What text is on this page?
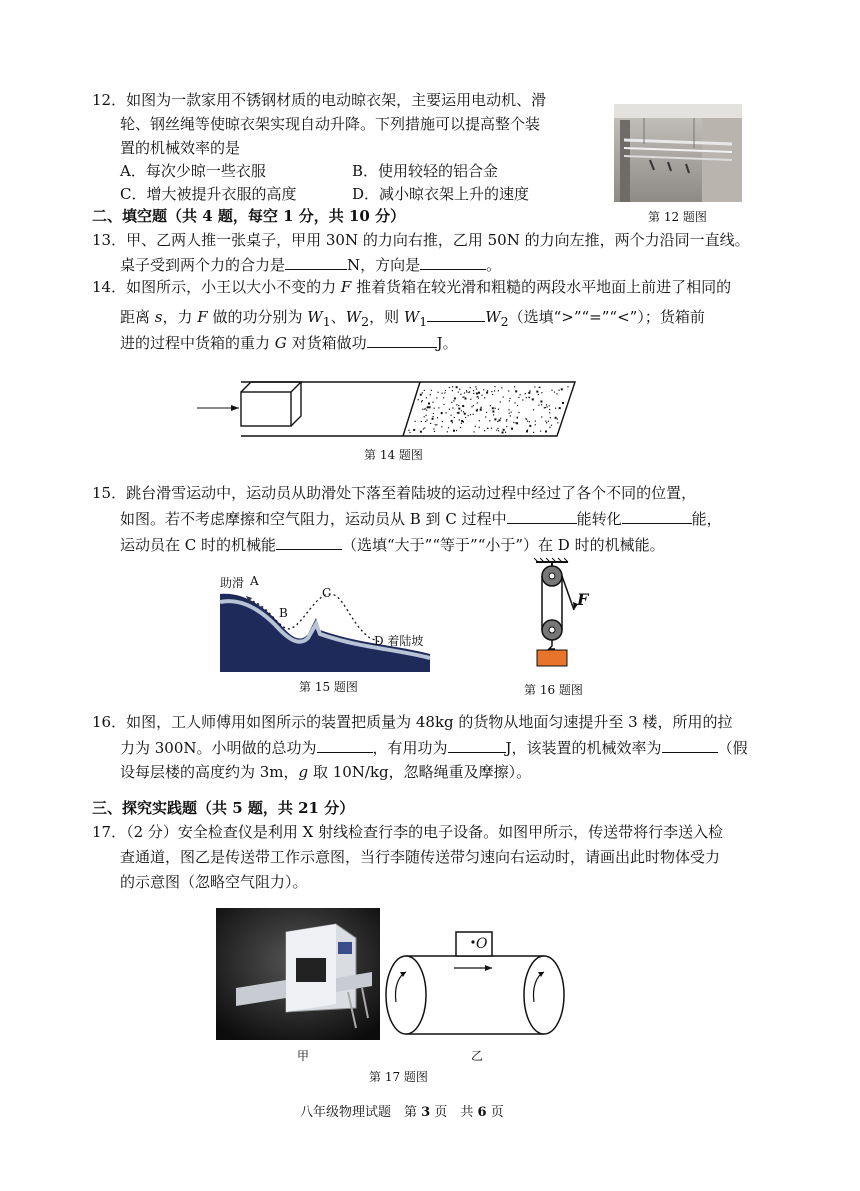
12．如图为一款家用不锈钢材质的电动晾衣架，主要运用电动机、滑
轮、钢丝绳等使晾衣架实现自动升降。下列措施可以提高整个装
置的机械效率的是
A．每次少晾一些衣服	B．使用较轻的铝合金
C．增大被提升衣服的高度	D．减小晾衣架上升的速度
第 12 题图
二、填空题（共 4 题，每空 1 分，共 10 分）
13．甲、乙两人推一张桌子，甲用 30N 的力向右推，乙用 50N 的力向左推，两个力沿同一直线。
桌子受到两个力的合力是	N，方向是	。
14．如图所示，小王以大小不变的力 F 推着货箱在较光滑和粗糙的两段水平地面上前进了相同的
距离 s，力 F 做的功分别为 $W_1$、$W_2$，则 $W_1$	$W_2$（选填“>”“=”“<”）；货箱前
进的过程中货箱的重力 G 对货箱做功	J。
第 14 题图
15．跳台滑雪运动中，运动员从助滑处下落至着陆坡的运动过程中经过了各个不同的位置，
如图。若不考虑摩擦和空气阻力，运动员从 B 到 C 过程中	能转化	能，
运动员在 C 时的机械能	（选填“大于”“等于”“小于”）在 D 时的机械能。
助滑 A
B
C
D 着陆坡
第 15 题图
F
第 16 题图
16．如图，工人师傅用如图所示的装置把质量为 48kg 的货物从地面匀速提升至 3 楼，所用的拉
力为 300N。小明做的总功为	，有用功为	J，该装置的机械效率为	（假
设每层楼的高度约为 3m，g 取 10N/kg，忽略绳重及摩擦）。
三、探究实践题（共 5 题，共 21 分）
17．（2 分）安全检查仪是利用 X 射线检查行李的电子设备。如图甲所示，传送带将行李送入检
查通道，图乙是传送带工作示意图，当行李随传送带匀速向右运动时，请画出此时物体受力
的示意图（忽略空气阻力）。
O
甲	乙
第 17 题图
八年级物理试题　第 3 页　共 6 页
